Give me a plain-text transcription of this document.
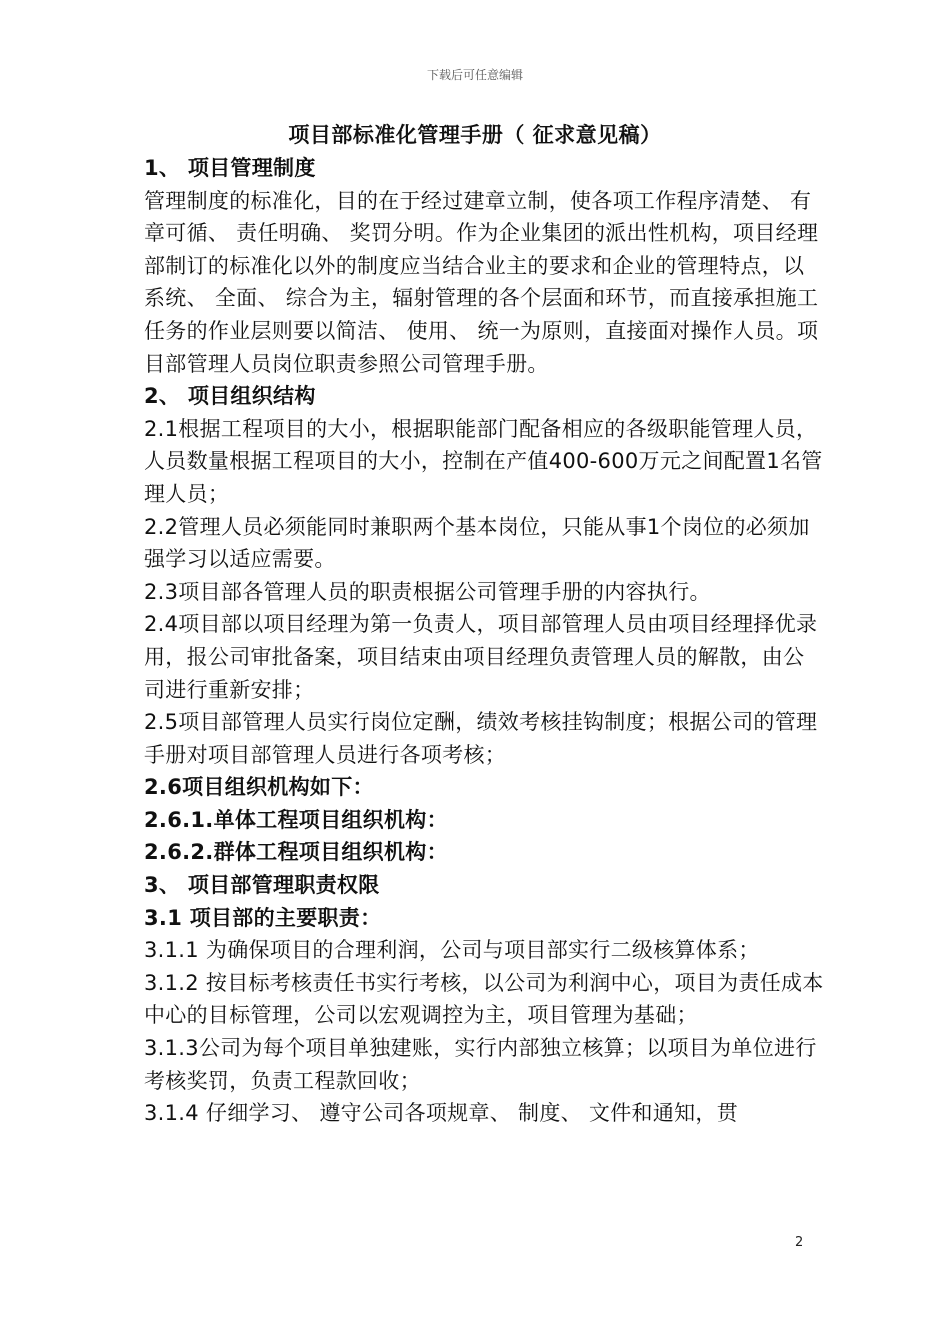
下载后可任意编辑
项目部标准化管理手册（ 征求意见稿）

1、 项目管理制度

管理制度的标准化，目的在于经过建章立制，使各项工作程序清楚、 有章可循、 责任明确、 奖罚分明。作为企业集团的派出性机构，项目经理部制订的标准化以外的制度应当结合业主的要求和企业的管理特点，以系统、 全面、 综合为主，辐射管理的各个层面和环节，而直接承担施工任务的作业层则要以简洁、 使用、 统一为原则，直接面对操作人员。项目部管理人员岗位职责参照公司管理手册。

2、 项目组织结构

2.1根据工程项目的大小，根据职能部门配备相应的各级职能管理人员，人员数量根据工程项目的大小，控制在产值400-600万元之间配置1名管理人员；

2.2管理人员必须能同时兼职两个基本岗位，只能从事1个岗位的必须加强学习以适应需要。

2.3项目部各管理人员的职责根据公司管理手册的内容执行。

2.4项目部以项目经理为第一负责人，项目部管理人员由项目经理择优录用，报公司审批备案，项目结束由项目经理负责管理人员的解散，由公司进行重新安排；

2.5项目部管理人员实行岗位定酬，绩效考核挂钩制度；根据公司的管理手册对项目部管理人员进行各项考核；

2.6项目组织机构如下：

2.6.1.单体工程项目组织机构：

2.6.2.群体工程项目组织机构：

3、 项目部管理职责权限

3.1 项目部的主要职责：

3.1.1 为确保项目的合理利润，公司与项目部实行二级核算体系；

3.1.2 按目标考核责任书实行考核，以公司为利润中心，项目为责任成本中心的目标管理，公司以宏观调控为主，项目管理为基础；

3.1.3公司为每个项目单独建账，实行内部独立核算；以项目为单位进行考核奖罚，负责工程款回收；

3.1.4 仔细学习、 遵守公司各项规章、 制度、 文件和通知，贯

2
